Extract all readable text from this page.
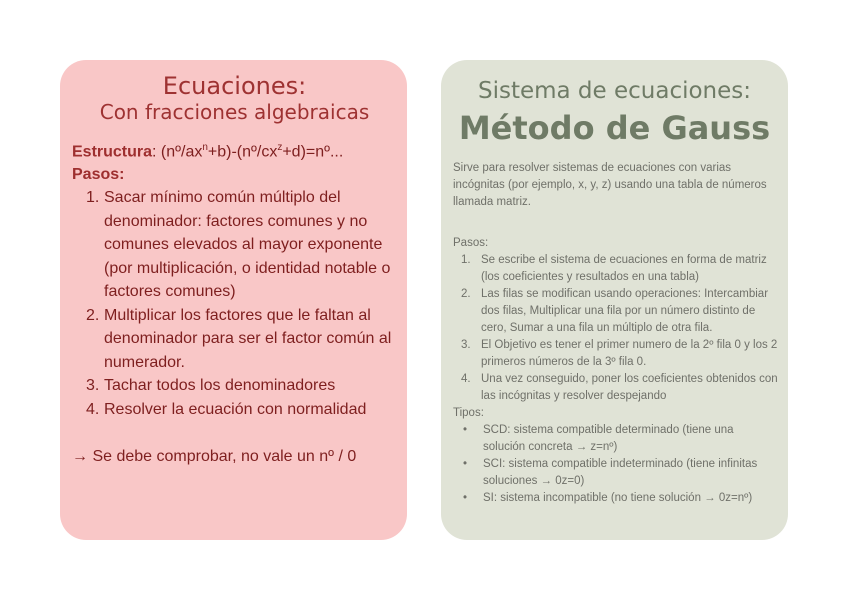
Ecuaciones:

Con fracciones algebraicas

Estructura: $(nº/ax^n+b)-(nº/cx^z+d)=nº$...

Pasos:

1. Sacar mínimo común múltiplo del denominador: factores comunes y no comunes elevados al mayor exponente (por multiplicación, o identidad notable o factores comunes)
2. Multiplicar los factores que le faltan al denominador para ser el factor común al numerador.
3. Tachar todos los denominadores
4. Resolver la ecuación con normalidad

→ Se debe comprobar, no vale un nº / 0

Sistema de ecuaciones:

Método de Gauss

Sirve para resolver sistemas de ecuaciones con varias incógnitas (por ejemplo, x, y, z) usando una tabla de números llamada matriz.

Pasos:

1. Se escribe el sistema de ecuaciones en forma de matriz (los coeficientes y resultados en una tabla)
2. Las filas se modifican usando operaciones: Intercambiar dos filas, Multiplicar una fila por un número distinto de cero, Sumar a una fila un múltiplo de otra fila.
3. El Objetivo es tener el primer numero de la 2º fila 0 y los 2 primeros números de la 3º fila 0.
4. Una vez conseguido, poner los coeficientes obtenidos con las incógnitas y resolver despejando

Tipos:

•	SCD: sistema compatible determinado (tiene una solución concreta → z=nº)
•	SCI: sistema compatible indeterminado (tiene infinitas soluciones → 0z=0)
•	SI: sistema incompatible (no tiene solución → 0z=nº)
